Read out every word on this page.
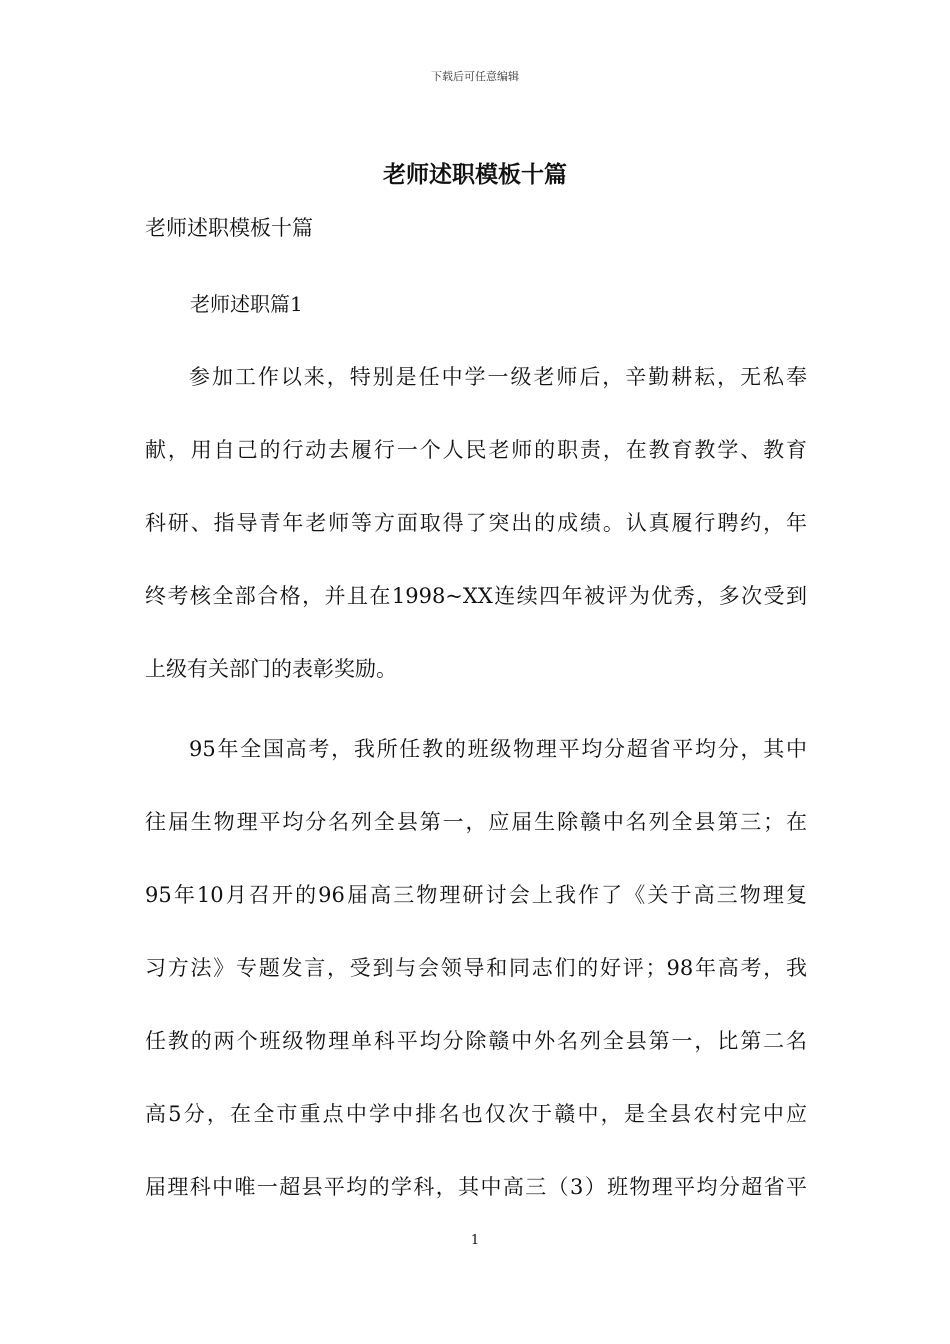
下载后可任意编辑
老师述职模板十篇
老师述职模板十篇
老师述职篇1
参加工作以来，特别是任中学一级老师后，辛勤耕耘，无私奉
献，用自己的行动去履行一个人民老师的职责，在教育教学、教育
科研、指导青年老师等方面取得了突出的成绩。认真履行聘约，年
终考核全部合格，并且在1998~XX连续四年被评为优秀，多次受到
上级有关部门的表彰奖励。
95年全国高考，我所任教的班级物理平均分超省平均分，其中
往届生物理平均分名列全县第一，应届生除赣中名列全县第三；在
95年10月召开的96届高三物理研讨会上我作了《关于高三物理复
习方法》专题发言，受到与会领导和同志们的好评；98年高考，我
任教的两个班级物理单科平均分除赣中外名列全县第一，比第二名
高5分，在全市重点中学中排名也仅次于赣中，是全县农村完中应
届理科中唯一超县平均的学科，其中高三（3）班物理平均分超省平
1
